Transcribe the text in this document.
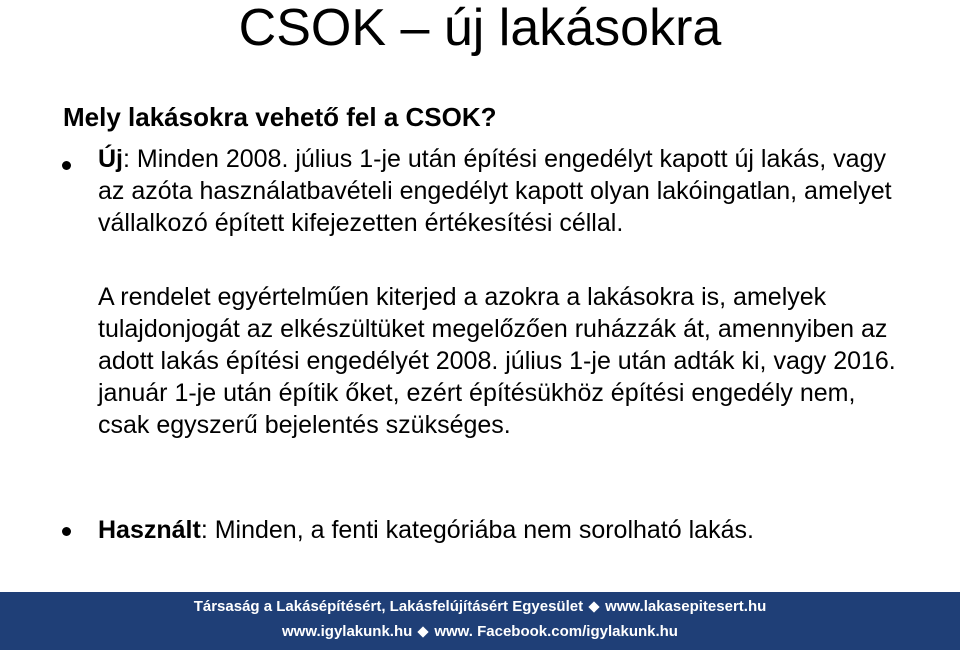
CSOK – új lakásokra
Mely lakásokra vehető fel a CSOK?
Új: Minden 2008. július 1-je után építési engedélyt kapott új lakás, vagy az azóta használatbavételi engedélyt kapott olyan lakóingatlan, amelyet vállalkozó épített kifejezetten értékesítési céllal.
A rendelet egyértelműen kiterjed a azokra a lakásokra is, amelyek tulajdonjogát az elkészültüket megelőzően ruházzák át, amennyiben az adott lakás építési engedélyét 2008. július 1-je után adták ki, vagy 2016. január 1-je után építik őket, ezért építésükhöz építési engedély nem, csak egyszerű bejelentés szükséges.
Használt: Minden, a fenti kategóriába nem sorolható lakás.
Társaság a Lakásépítésért, Lakásfelújításért Egyesület www.lakasepitesert.hu
www.igylakunk.hu www. Facebook.com/igylakunk.hu
